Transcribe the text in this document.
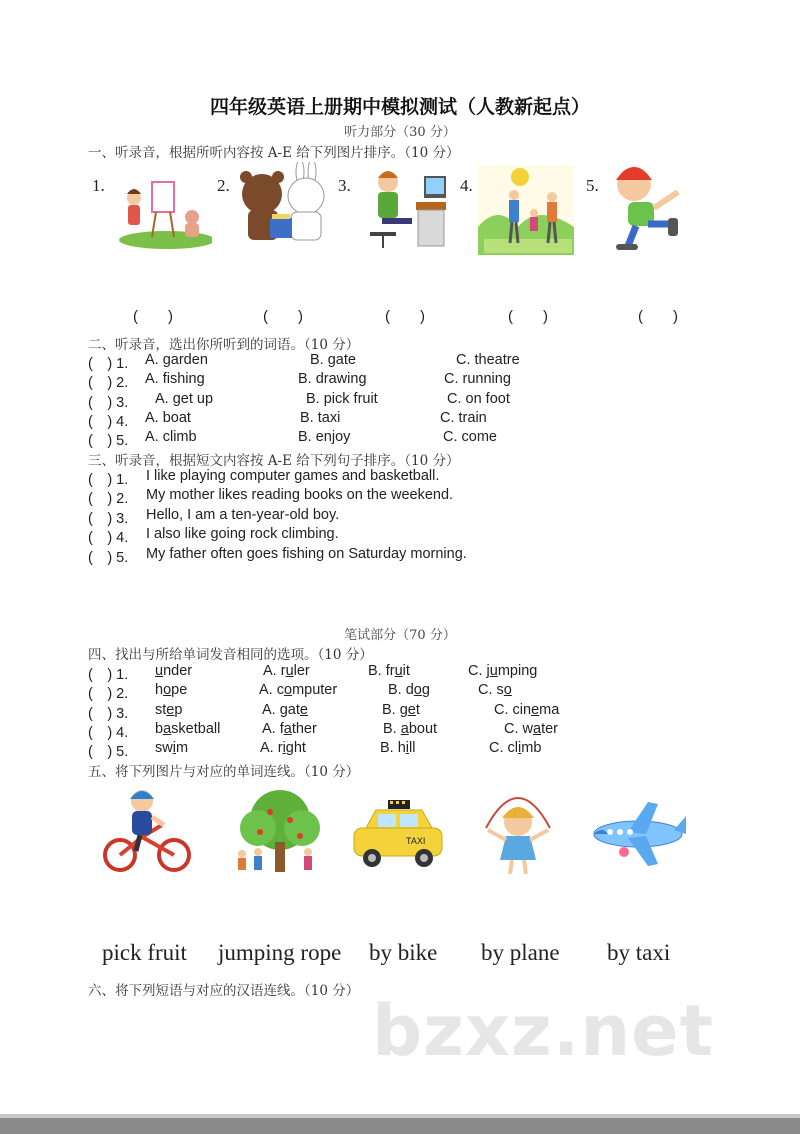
四年级英语上册期中模拟测试（人教新起点）
听力部分（30 分）
一、听录音，根据所听内容按 A-E 给下列图片排序。（10 分）
1.	2.	3.	4.	5.
(　　)	(　　)	(　　)	(　　)	(　　)
二、听录音，选出你所听到的词语。（10 分）
(　) 1. A. garden	B. gate	C. theatre
(　) 2. A. fishing	B. drawing	C. running
(　) 3. A. get up	B. pick fruit	C. on foot
(　) 4. A. boat	B. taxi	C. train
(　) 5. A. climb	B. enjoy	C. come
三、听录音，根据短文内容按 A-E 给下列句子排序。（10 分）
(　) 1. I like playing computer games and basketball.
(　) 2. My mother likes reading books on the weekend.
(　) 3. Hello, I am a ten-year-old boy.
(　) 4. I also like going rock climbing.
(　) 5. My father often goes fishing on Saturday morning.
笔试部分（70 分）
四、找出与所给单词发音相同的选项。（10 分）
(　) 1. under	A. ruler	B. fruit	C. jumping
(　) 2. hope	A. computer	B. dog	C. so
(　) 3. step	A. gate	B. get	C. cinema
(　) 4. basketball	A. father	B. about	C. water
(　) 5. swim	A. right	B. hill	C. climb
五、将下列图片与对应的单词连线。（10 分）
TAXI
pick fruit jumping rope by bike by plane by taxi
六、将下列短语与对应的汉语连线。（10 分） bzxz.net
